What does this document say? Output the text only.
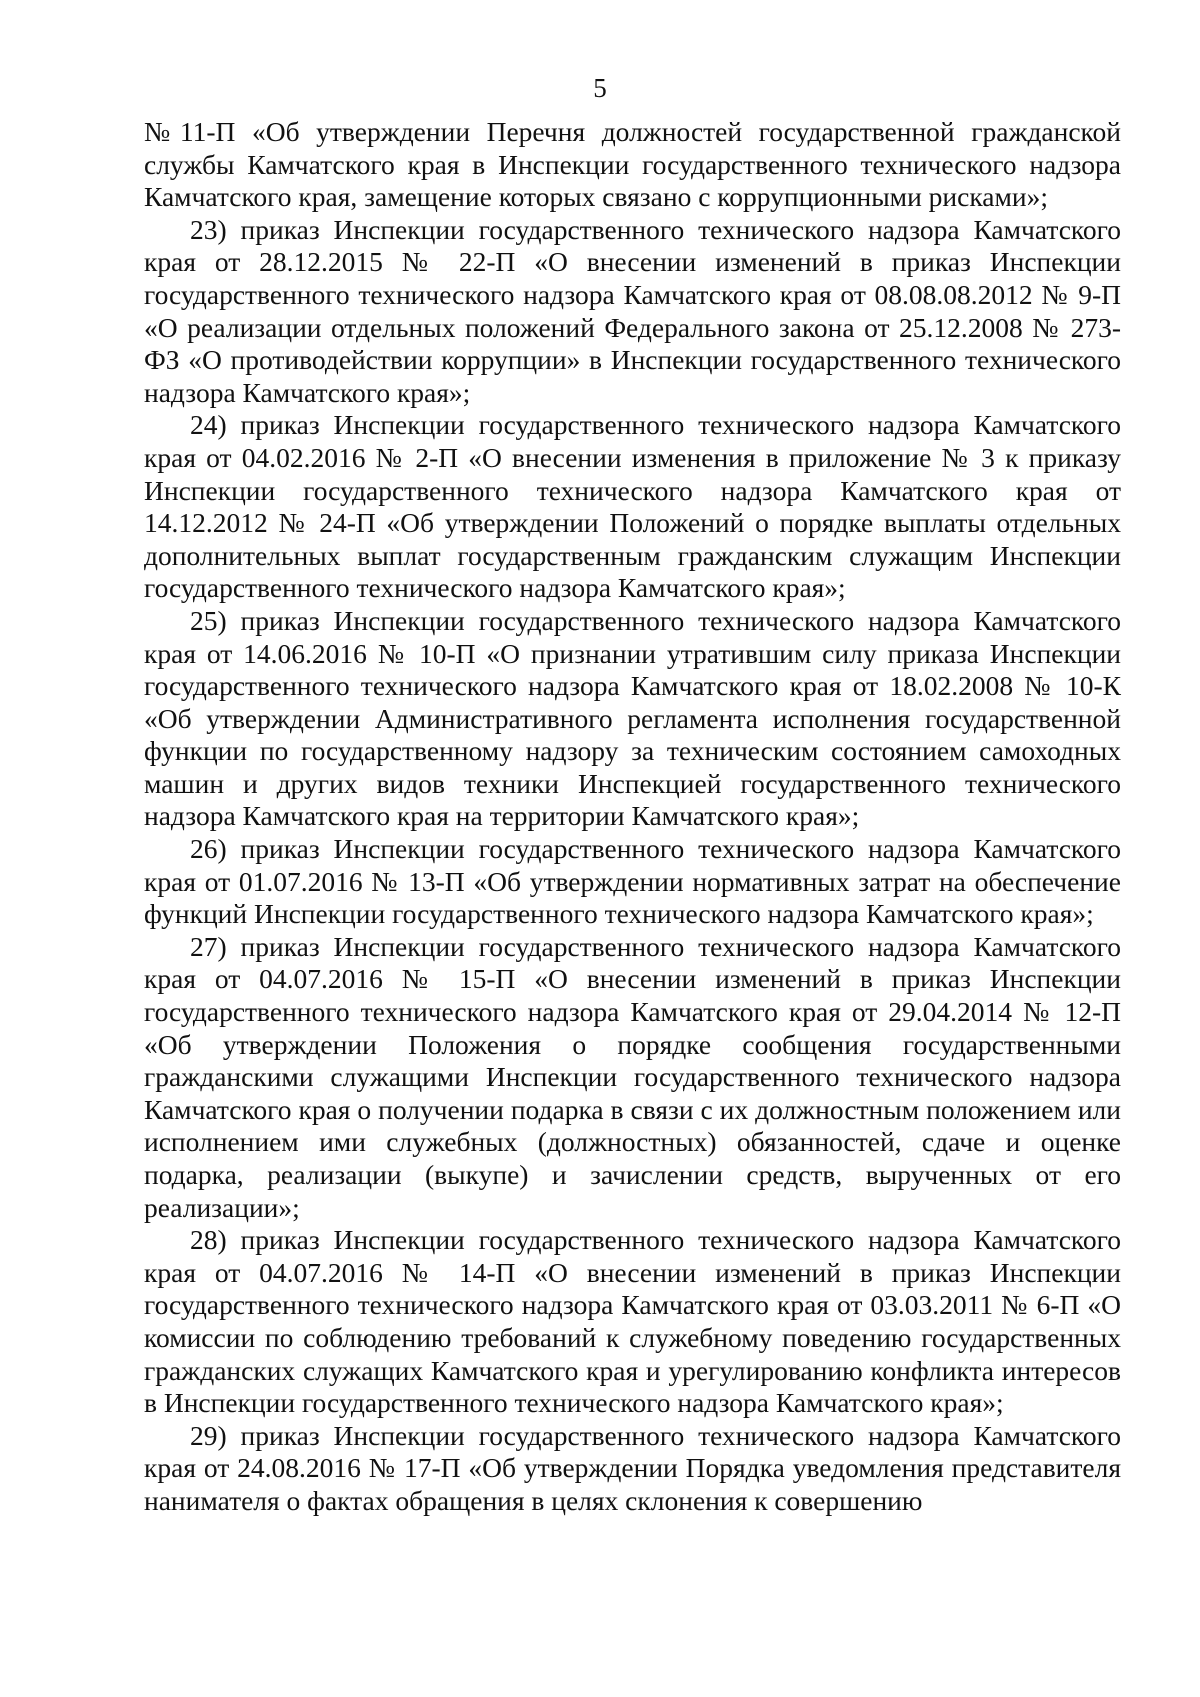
5

№11-П «Об утверждении Перечня должностей государственной гражданской службы Камчатского края в Инспекции государственного технического надзора Камчатского края, замещение которых связано с коррупционными рисками»;

23) приказ Инспекции государственного технического надзора Камчатского края от 28.12.2015 № 22-П «О внесении изменений в приказ Инспекции государственного технического надзора Камчатского края от 08.08.08.2012 № 9-П «О реализации отдельных положений Федерального закона от 25.12.2008 № 273-ФЗ «О противодействии коррупции» в Инспекции государственного технического надзора Камчатского края»;

24) приказ Инспекции государственного технического надзора Камчатского края от 04.02.2016 № 2-П «О внесении изменения в приложение № 3 к приказу Инспекции государственного технического надзора Камчатского края от 14.12.2012 № 24-П «Об утверждении Положений о порядке выплаты отдельных дополнительных выплат государственным гражданским служащим Инспекции государственного технического надзора Камчатского края»;

25) приказ Инспекции государственного технического надзора Камчатского края от 14.06.2016 № 10-П «О признании утратившим силу приказа Инспекции государственного технического надзора Камчатского края от 18.02.2008 № 10-К «Об утверждении Административного регламента исполнения государственной функции по государственному надзору за техническим состоянием самоходных машин и других видов техники Инспекцией государственного технического надзора Камчатского края на территории Камчатского края»;

26) приказ Инспекции государственного технического надзора Камчатского края от 01.07.2016 № 13-П «Об утверждении нормативных затрат на обеспечение функций Инспекции государственного технического надзора Камчатского края»;

27) приказ Инспекции государственного технического надзора Камчатского края от 04.07.2016 № 15-П «О внесении изменений в приказ Инспекции государственного технического надзора Камчатского края от 29.04.2014 № 12-П «Об утверждении Положения о порядке сообщения государственными гражданскими служащими Инспекции государственного технического надзора Камчатского края о получении подарка в связи с их должностным положением или исполнением ими служебных (должностных) обязанностей, сдаче и оценке подарка, реализации (выкупе) и зачислении средств, вырученных от его реализации»;

28) приказ Инспекции государственного технического надзора Камчатского края от 04.07.2016 № 14-П «О внесении изменений в приказ Инспекции государственного технического надзора Камчатского края от 03.03.2011 № 6-П «О комиссии по соблюдению требований к служебному поведению государственных гражданских служащих Камчатского края и урегулированию конфликта интересов в Инспекции государственного технического надзора Камчатского края»;

29) приказ Инспекции государственного технического надзора Камчатского края от 24.08.2016 № 17-П «Об утверждении Порядка уведомления представителя нанимателя о фактах обращения в целях склонения к совершению
